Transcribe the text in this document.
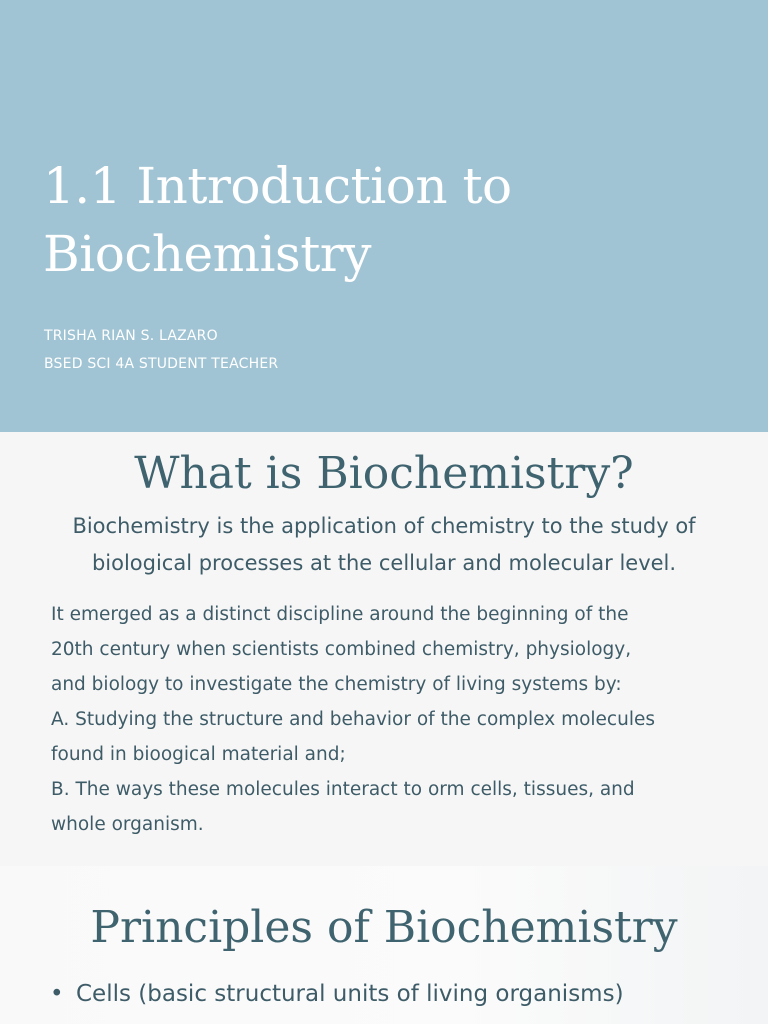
1.1 Introduction to
Biochemistry
TRISHA RIAN S. LAZARO
BSED SCI 4A STUDENT TEACHER
What is Biochemistry?
Biochemistry is the application of chemistry to the study of
biological processes at the cellular and molecular level.
It emerged as a distinct discipline around the beginning of the
20th century when scientists combined chemistry, physiology,
and biology to investigate the chemistry of living systems by:
A. Studying the structure and behavior of the complex molecules
found in bioogical material and;
B. The ways these molecules interact to orm cells, tissues, and
whole organism.
Principles of Biochemistry
• Cells (basic structural units of living organisms)
